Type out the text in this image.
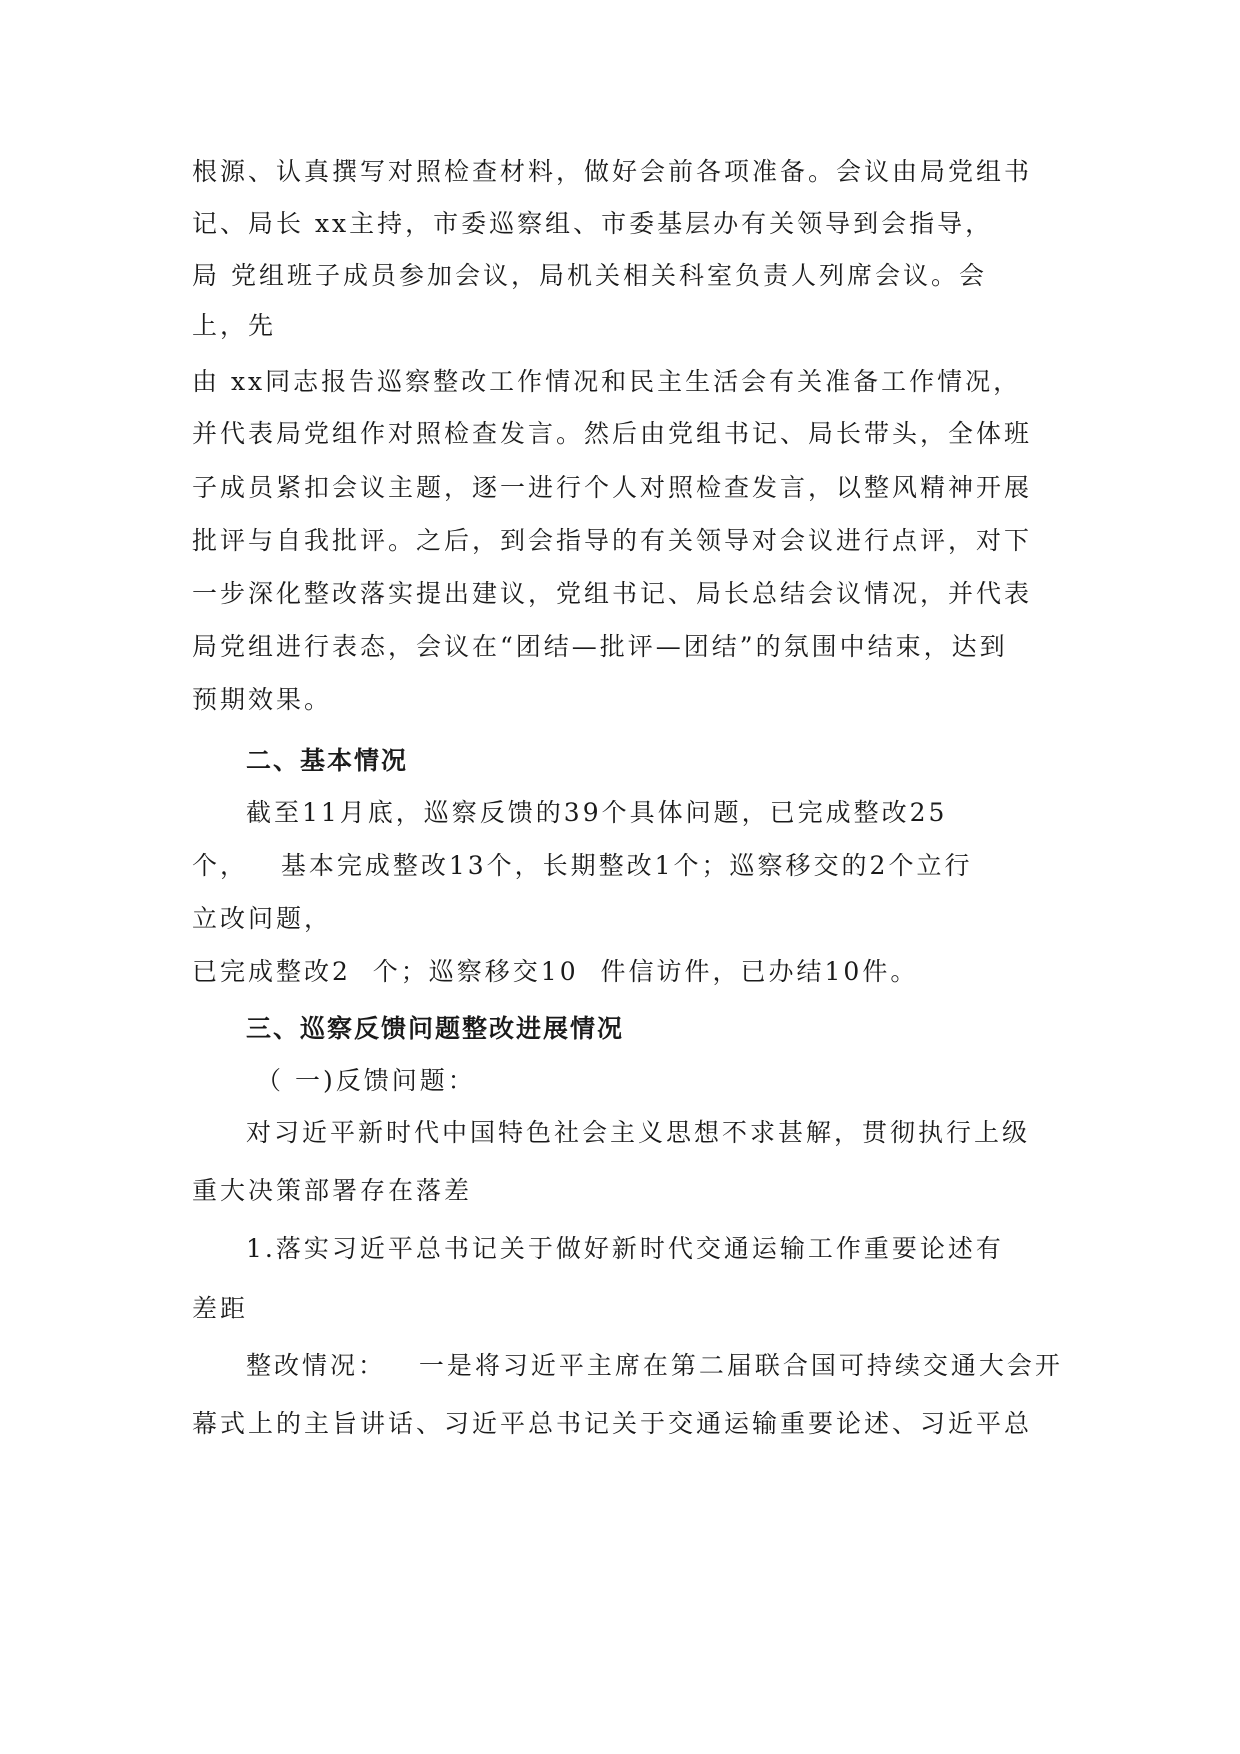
根源、认真撰写对照检查材料，做好会前各项准备。会议由局党组书

记、局长 xx主持，市委巡察组、市委基层办有关领导到会指导，

局 党组班子成员参加会议，局机关相关科室负责人列席会议。会

上，先

由 xx同志报告巡察整改工作情况和民主生活会有关准备工作情况，

并代表局党组作对照检查发言。然后由党组书记、局长带头，全体班

子成员紧扣会议主题，逐一进行个人对照检查发言，以整风精神开展

批评与自我批评。之后，到会指导的有关领导对会议进行点评，对下

一步深化整改落实提出建议，党组书记、局长总结会议情况，并代表

局党组进行表态，会议在“团结—批评—团结”的氛围中结束，达到

预期效果。

二、基本情况

截至11月底，巡察反馈的39个具体问题，已完成整改25

个，   基本完成整改13个，长期整改1个；巡察移交的2个立行

立改问题，

已完成整改2  个；巡察移交10  件信访件，已办结10件。

三、巡察反馈问题整改进展情况

（ 一)反馈问题：

对习近平新时代中国特色社会主义思想不求甚解，贯彻执行上级

重大决策部署存在落差

1.落实习近平总书记关于做好新时代交通运输工作重要论述有

差距

整改情况：   一是将习近平主席在第二届联合国可持续交通大会开

幕式上的主旨讲话、习近平总书记关于交通运输重要论述、习近平总
